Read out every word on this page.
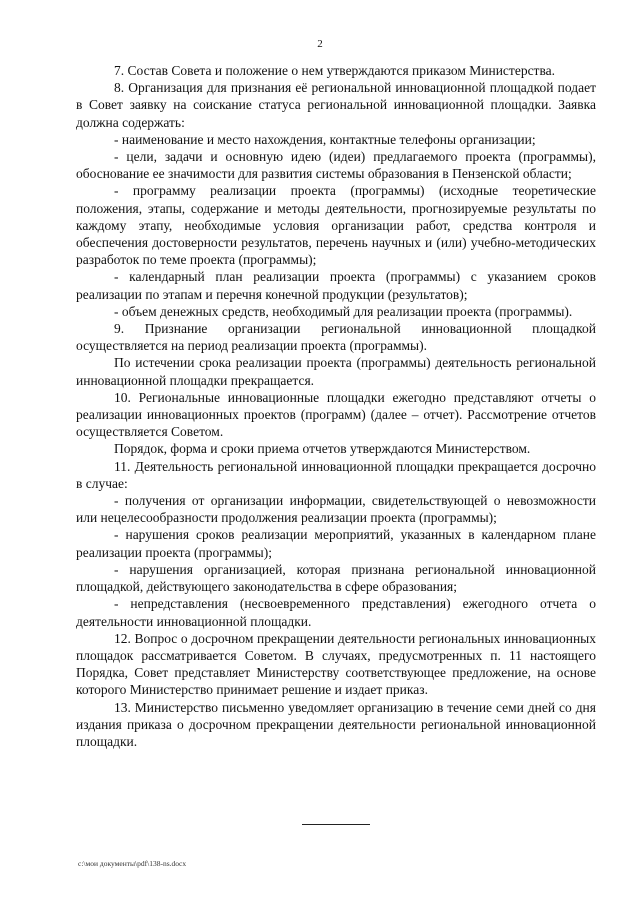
2

7. Состав Совета и положение о нем утверждаются приказом Министерства.

8. Организация для признания её региональной инновационной площадкой подает в Совет заявку на соискание статуса региональной инновационной площадки. Заявка должна содержать:

- наименование и место нахождения, контактные телефоны организации;

- цели, задачи и основную идею (идеи) предлагаемого проекта (программы), обоснование ее значимости для развития системы образования в Пензенской области;

- программу реализации проекта (программы) (исходные теоретические положения, этапы, содержание и методы деятельности, прогнозируемые результаты по каждому этапу, необходимые условия организации работ, средства контроля и обеспечения достоверности результатов, перечень научных и (или) учебно-методических разработок по теме проекта (программы);

- календарный план реализации проекта (программы) с указанием сроков реализации по этапам и перечня конечной продукции (результатов);

- объем денежных средств, необходимый для реализации проекта (программы).

9. Признание организации региональной инновационной площадкой осуществляется на период реализации проекта (программы).

По истечении срока реализации проекта (программы) деятельность региональной инновационной площадки прекращается.

10. Региональные инновационные площадки ежегодно представляют отчеты о реализации инновационных проектов (программ) (далее – отчет). Рассмотрение отчетов осуществляется Советом.

Порядок, форма и сроки приема отчетов утверждаются Министерством.

11. Деятельность региональной инновационной площадки прекращается досрочно в случае:

- получения от организации информации, свидетельствующей о невозможности или нецелесообразности продолжения реализации проекта (программы);

- нарушения сроков реализации мероприятий, указанных в календарном плане реализации проекта (программы);

- нарушения организацией, которая признана региональной инновационной площадкой, действующего законодательства в сфере образования;

- непредставления (несвоевременного представления) ежегодного отчета о деятельности инновационной площадки.

12. Вопрос о досрочном прекращении деятельности региональных инновационных площадок рассматривается Советом. В случаях, предусмотренных п. 11 настоящего Порядка, Совет представляет Министерству соответствующее предложение, на основе которого Министерство принимает решение и издает приказ.

13. Министерство письменно уведомляет организацию в течение семи дней со дня издания приказа о досрочном прекращении деятельности региональной инновационной площадки.

c:\мои документы\pdf\138-ns.docx
